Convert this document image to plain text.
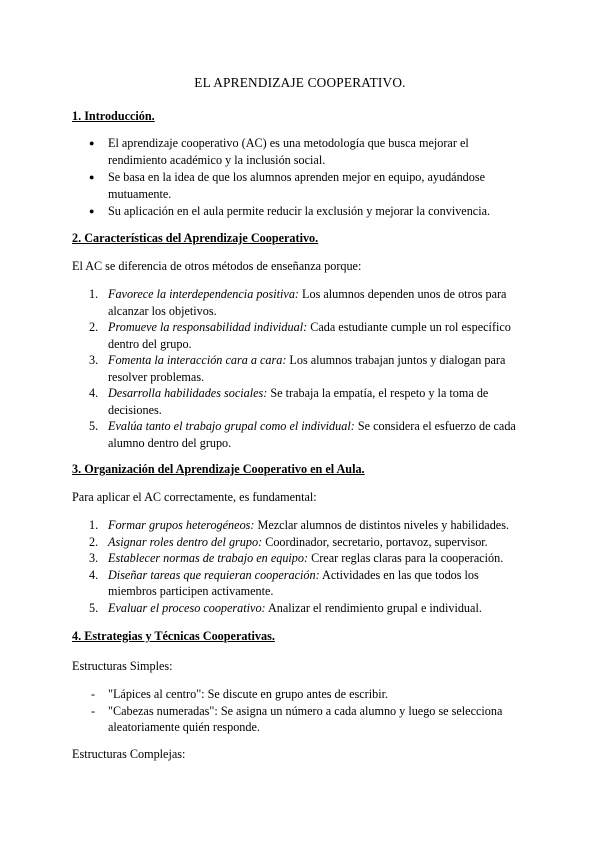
EL APRENDIZAJE COOPERATIVO.
1. Introducción.
●	El aprendizaje cooperativo (AC) es una metodología que busca mejorar el rendimiento académico y la inclusión social.
●	Se basa en la idea de que los alumnos aprenden mejor en equipo, ayudándose mutuamente.
●	Su aplicación en el aula permite reducir la exclusión y mejorar la convivencia.
2. Características del Aprendizaje Cooperativo.
El AC se diferencia de otros métodos de enseñanza porque:
1. Favorece la interdependencia positiva: Los alumnos dependen unos de otros para alcanzar los objetivos.
2. Promueve la responsabilidad individual: Cada estudiante cumple un rol específico dentro del grupo.
3. Fomenta la interacción cara a cara: Los alumnos trabajan juntos y dialogan para resolver problemas.
4. Desarrolla habilidades sociales: Se trabaja la empatía, el respeto y la toma de decisiones.
5. Evalúa tanto el trabajo grupal como el individual: Se considera el esfuerzo de cada alumno dentro del grupo.
3. Organización del Aprendizaje Cooperativo en el Aula.
Para aplicar el AC correctamente, es fundamental:
1. Formar grupos heterogéneos: Mezclar alumnos de distintos niveles y habilidades.
2. Asignar roles dentro del grupo: Coordinador, secretario, portavoz, supervisor.
3. Establecer normas de trabajo en equipo: Crear reglas claras para la cooperación.
4. Diseñar tareas que requieran cooperación: Actividades en las que todos los miembros participen activamente.
5. Evaluar el proceso cooperativo: Analizar el rendimiento grupal e individual.
4. Estrategias y Técnicas Cooperativas.
Estructuras Simples:
-	"Lápices al centro": Se discute en grupo antes de escribir.
-	"Cabezas numeradas": Se asigna un número a cada alumno y luego se selecciona aleatoriamente quién responde.
Estructuras Complejas:
